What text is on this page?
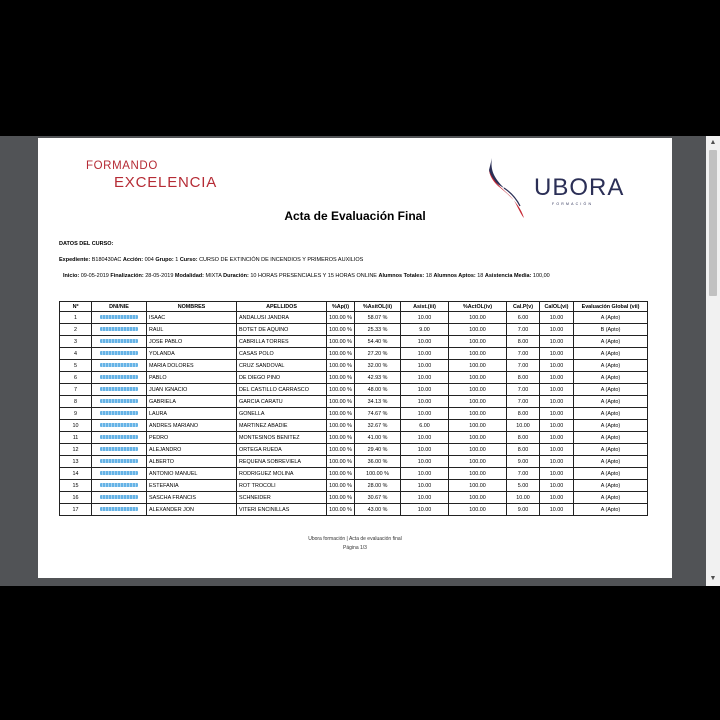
FORMANDO
EXCELENCIA	UBORA
FORMACIÓN
Acta de Evaluación Final
DATOS DEL CURSO:
Expediente: B180430AC Acción: 004 Grupo: 1 Curso: CURSO DE EXTINCIÓN DE INCENDIOS Y PRIMEROS AUXILIOS
Inicio: 09-05-2019 Finalización: 28-05-2019 Modalidad: MIXTA Duración: 10 HORAS PRESENCIALES Y 15 HORAS ONLINE Alumnos Totales: 18 Alumnos Aptos: 18 Asistencia Media: 100,00
Nº	DNI/NIE	NOMBRES	APELLIDOS	%Ap(i)	%AsitOL(ii)	Asist.(iii)	%ActOL(iv)	Cal.P(v)	CalOL(vi)	Evaluación Global (vii)
1		ISAAC	ANDALUSI JANDRA	100.00 %	58.07 %	10.00	100.00	6.00	10.00	A (Apto)
2		RAUL	BOTET DE AQUINO	100.00 %	25.33 %	9.00	100.00	7.00	10.00	B (Apto)
3		JOSE PABLO	CABRILLA TORRES	100.00 %	54.40 %	10.00	100.00	8.00	10.00	A (Apto)
4		YOLANDA	CASAS POLO	100.00 %	27.20 %	10.00	100.00	7.00	10.00	A (Apto)
5		MARIA DOLORES	CRUZ SANDOVAL	100.00 %	32.00 %	10.00	100.00	7.00	10.00	A (Apto)
6		PABLO	DE DIEGO PINO	100.00 %	42.93 %	10.00	100.00	8.00	10.00	A (Apto)
7		JUAN IGNACIO	DEL CASTILLO CARRASCO	100.00 %	48.00 %	10.00	100.00	7.00	10.00	A (Apto)
8		GABRIELA	GARCIA CARATU	100.00 %	34.13 %	10.00	100.00	7.00	10.00	A (Apto)
9		LAURA	GONELLA	100.00 %	74.67 %	10.00	100.00	8.00	10.00	A (Apto)
10		ANDRES MARIANO	MARTINEZ ABADIE	100.00 %	32.67 %	6.00	100.00	10.00	10.00	A (Apto)
11		PEDRO	MONTESINOS BENITEZ	100.00 %	41.00 %	10.00	100.00	8.00	10.00	A (Apto)
12		ALEJANDRO	ORTEGA RUEDA	100.00 %	29.40 %	10.00	100.00	8.00	10.00	A (Apto)
13		ALBERTO	REQUENA SOBREVIELA	100.00 %	36.00 %	10.00	100.00	9.00	10.00	A (Apto)
14		ANTONIO MANUEL	RODRIGUEZ MOLINA	100.00 %	100.00 %	10.00	100.00	7.00	10.00	A (Apto)
15		ESTEFANIA	ROT TROCOLI	100.00 %	28.00 %	10.00	100.00	5.00	10.00	A (Apto)
16		SASCHA FRANCIS	SCHNEIDER	100.00 %	30.67 %	10.00	100.00	10.00	10.00	A (Apto)
17		ALEXANDER JON	VITERI ENCINILLAS	100.00 %	43.00 %	10.00	100.00	9.00	10.00	A (Apto)
Ubora formación | Acta de evaluación final
Página 1/3
▲
▼
